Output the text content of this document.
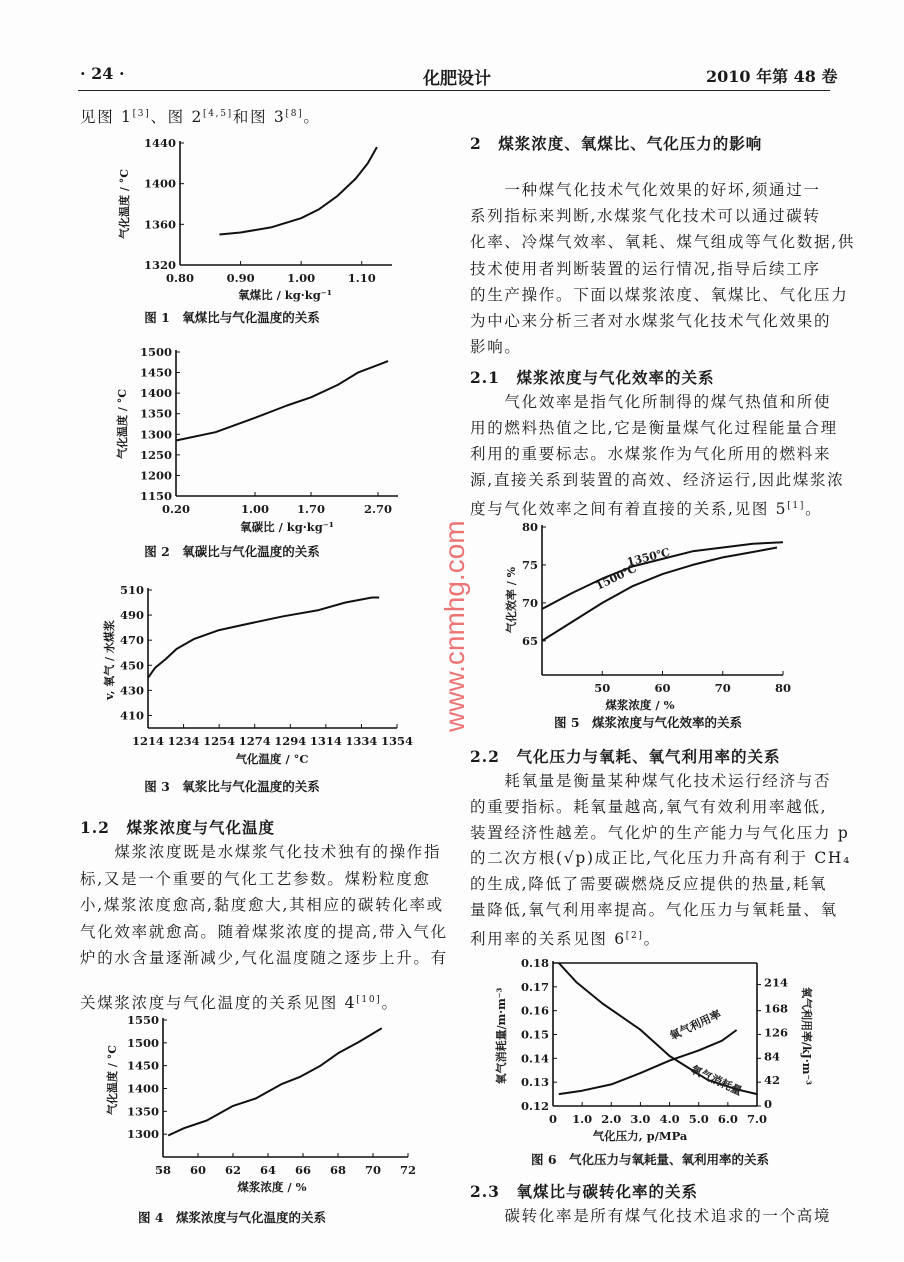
· 24 ·	化肥设计	2010 年第 48 卷
见图 1[3]、图 2[4,5]和图 3[8]。
1.2　煤浆浓度与气化温度
　　煤浆浓度既是水煤浆气化技术独有的操作指
标,又是一个重要的气化工艺参数。煤粉粒度愈
小,煤浆浓度愈高,黏度愈大,其相应的碳转化率或
气化效率就愈高。随着煤浆浓度的提高,带入气化
炉的水含量逐渐减少,气化温度随之逐步上升。有
关煤浆浓度与气化温度的关系见图 4[10]。
2　煤浆浓度、氧煤比、气化压力的影响
　　一种煤气化技术气化效果的好坏,须通过一
系列指标来判断,水煤浆气化技术可以通过碳转
化率、冷煤气效率、氧耗、煤气组成等气化数据,供
技术使用者判断装置的运行情况,指导后续工序
的生产操作。下面以煤浆浓度、氧煤比、气化压力
为中心来分析三者对水煤浆气化技术气化效果的
影响。
2.1　煤浆浓度与气化效率的关系
　　气化效率是指气化所制得的煤气热值和所使
用的燃料热值之比,它是衡量煤气化过程能量合理
利用的重要标志。水煤浆作为气化所用的燃料来
源,直接关系到装置的高效、经济运行,因此煤浆浓
度与气化效率之间有着直接的关系,见图 5[1]。
2.2　气化压力与氧耗、氧气利用率的关系
　　耗氧量是衡量某种煤气化技术运行经济与否
的重要指标。耗氧量越高,氧气有效利用率越低,
装置经济性越差。气化炉的生产能力与气化压力 p
的二次方根(√p)成正比,气化压力升高有利于 CH₄
的生成,降低了需要碳燃烧反应提供的热量,耗氧
量降低,氧气利用率提高。气化压力与氧耗量、氧
利用率的关系见图 6[2]。
2.3　氧煤比与碳转化率的关系
　　碳转化率是所有煤气化技术追求的一个高境
0.80	0.90	1.00	1.10
1320
1360
1400
1440
氧煤比 / kg·kg⁻¹
气化温度 / °C
图 1　氧煤比与气化温度的关系
0.20	1.00 1.70	2.70
1150
1200
1250
1300
1350
1400
1450
1500
氧碳比 / kg·kg⁻¹
气化温度 / °C
图 2　氧碳比与气化温度的关系
1214 1234 1254 1274 1294 1314 1334 1354
410
430
450
470
490
510
气化温度 / °C
v, 氧气 / 水煤浆
图 3　氧浆比与气化温度的关系
58 60 62 64 66 68 70 72
1300
1350
1400
1450
1500
1550
煤浆浓度 / %
气化温度 / °C
图 4　煤浆浓度与气化温度的关系
50	60	70	80
65
70
75
80
煤浆浓度 / %
气化效率 / %
图 5　煤浆浓度与气化效率的关系
1350℃
1500℃
0 1.0 2.0 3.0 4.0 5.0 6.0 7.0
0.12
0.13
0.14
0.15
0.16
0.17
0.18
0
42
84
126
168
214
气化压力, p/MPa
氧气消耗量/m·m⁻³	氧气利用率/kJ·m⁻³
图 6　气化压力与氧耗量、氧利用率的关系
氧气消耗量
氧气利用率
www.cnmhg.com
